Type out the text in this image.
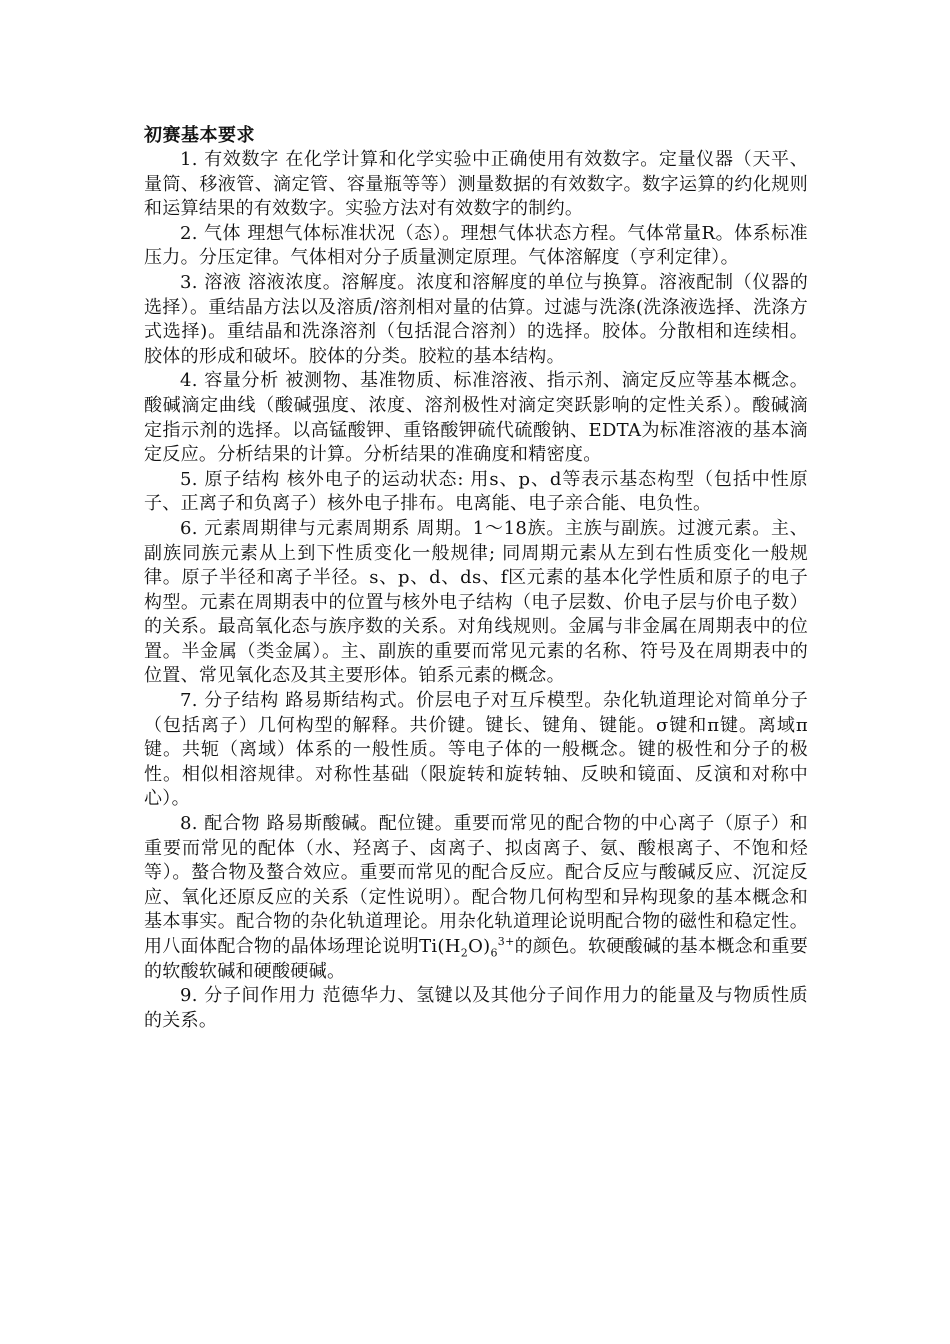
初赛基本要求

1. 有效数字 在化学计算和化学实验中正确使用有效数字。定量仪器（天平、量筒、移液管、滴定管、容量瓶等等）测量数据的有效数字。数字运算的约化规则和运算结果的有效数字。实验方法对有效数字的制约。

2. 气体 理想气体标准状况（态）。理想气体状态方程。气体常量R。体系标准压力。分压定律。气体相对分子质量测定原理。气体溶解度（亨利定律）。

3. 溶液 溶液浓度。溶解度。浓度和溶解度的单位与换算。溶液配制（仪器的选择）。重结晶方法以及溶质/溶剂相对量的估算。过滤与洗涤(洗涤液选择、洗涤方式选择)。重结晶和洗涤溶剂（包括混合溶剂）的选择。胶体。分散相和连续相。胶体的形成和破坏。胶体的分类。胶粒的基本结构。

4. 容量分析 被测物、基准物质、标准溶液、指示剂、滴定反应等基本概念。酸碱滴定曲线（酸碱强度、浓度、溶剂极性对滴定突跃影响的定性关系）。酸碱滴定指示剂的选择。以高锰酸钾、重铬酸钾硫代硫酸钠、EDTA为标准溶液的基本滴定反应。分析结果的计算。分析结果的准确度和精密度。

5. 原子结构 核外电子的运动状态: 用s、p、d等表示基态构型（包括中性原子、正离子和负离子）核外电子排布。电离能、电子亲合能、电负性。

6. 元素周期律与元素周期系 周期。1～18族。主族与副族。过渡元素。主、副族同族元素从上到下性质变化一般规律; 同周期元素从左到右性质变化一般规律。原子半径和离子半径。s、p、d、ds、f区元素的基本化学性质和原子的电子构型。元素在周期表中的位置与核外电子结构（电子层数、价电子层与价电子数）的关系。最高氧化态与族序数的关系。对角线规则。金属与非金属在周期表中的位置。半金属（类金属）。主、副族的重要而常见元素的名称、符号及在周期表中的位置、常见氧化态及其主要形体。铂系元素的概念。

7. 分子结构 路易斯结构式。价层电子对互斥模型。杂化轨道理论对简单分子（包括离子）几何构型的解释。共价键。键长、键角、键能。σ键和π键。离域π键。共轭（离域）体系的一般性质。等电子体的一般概念。键的极性和分子的极性。相似相溶规律。对称性基础（限旋转和旋转轴、反映和镜面、反演和对称中心）。

8. 配合物 路易斯酸碱。配位键。重要而常见的配合物的中心离子（原子）和重要而常见的配体（水、羟离子、卤离子、拟卤离子、氨、酸根离子、不饱和烃等）。螯合物及螯合效应。重要而常见的配合反应。配合反应与酸碱反应、沉淀反应、氧化还原反应的关系（定性说明）。配合物几何构型和异构现象的基本概念和基本事实。配合物的杂化轨道理论。用杂化轨道理论说明配合物的磁性和稳定性。用八面体配合物的晶体场理论说明$Ti(H_2O)_6^{3+}$的颜色。软硬酸碱的基本概念和重要的软酸软碱和硬酸硬碱。

9. 分子间作用力 范德华力、氢键以及其他分子间作用力的能量及与物质性质的关系。
